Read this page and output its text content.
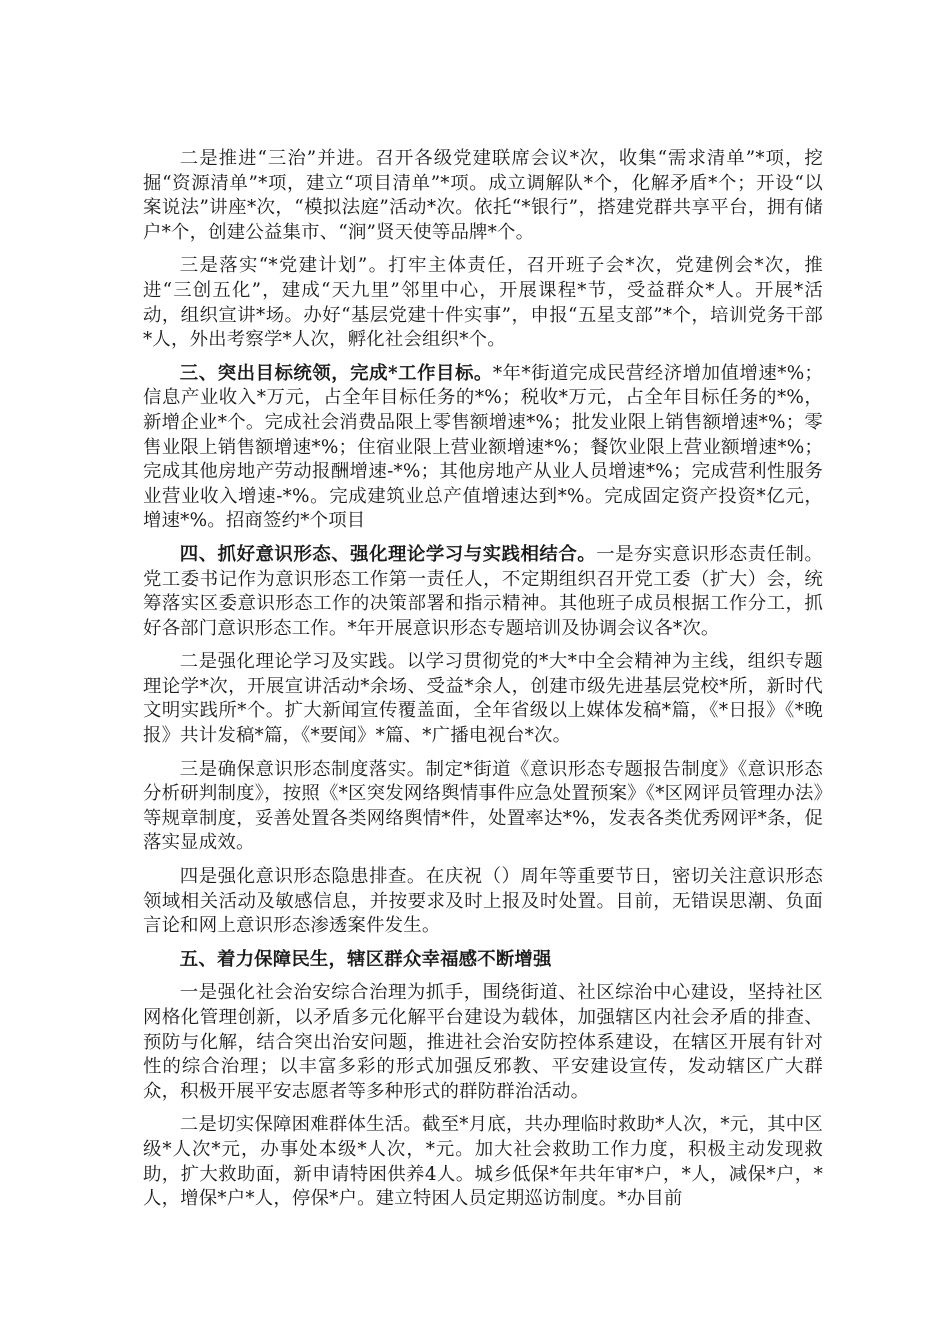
二是推进“三治”并进。召开各级党建联席会议*次，收集“需求清单”*项，挖掘“资源清单”*项，建立“项目清单”*项。成立调解队*个，化解矛盾*个；开设“以案说法”讲座*次，“模拟法庭”活动*次。依托“*银行”，搭建党群共享平台，拥有储户*个，创建公益集市、“涧”贤天使等品牌*个。

三是落实“*党建计划”。打牢主体责任，召开班子会*次，党建例会*次，推进“三创五化”，建成“天九里”邻里中心，开展课程*节，受益群众*人。开展*活动，组织宣讲*场。办好“基层党建十件实事”，申报“五星支部”*个，培训党务干部*人，外出考察学*人次，孵化社会组织*个。

三、突出目标统领，完成*工作目标。*年*街道完成民营经济增加值增速*%；信息产业收入*万元，占全年目标任务的*%；税收*万元，占全年目标任务的*%，新增企业*个。完成社会消费品限上零售额增速*%；批发业限上销售额增速*%；零售业限上销售额增速*%；住宿业限上营业额增速*%；餐饮业限上营业额增速*%；完成其他房地产劳动报酬增速-*%；其他房地产从业人员增速*%；完成营利性服务业营业收入增速-*%。完成建筑业总产值增速达到*%。完成固定资产投资*亿元，增速*%。招商签约*个项目

四、抓好意识形态、强化理论学习与实践相结合。一是夯实意识形态责任制。党工委书记作为意识形态工作第一责任人，不定期组织召开党工委（扩大）会，统筹落实区委意识形态工作的决策部署和指示精神。其他班子成员根据工作分工，抓好各部门意识形态工作。*年开展意识形态专题培训及协调会议各*次。

二是强化理论学习及实践。以学习贯彻党的*大*中全会精神为主线，组织专题理论学*次，开展宣讲活动*余场、受益*余人，创建市级先进基层党校*所，新时代文明实践所*个。扩大新闻宣传覆盖面，全年省级以上媒体发稿*篇，《*日报》《*晚报》共计发稿*篇，《*要闻》*篇、*广播电视台*次。

三是确保意识形态制度落实。制定*街道《意识形态专题报告制度》《意识形态分析研判制度》，按照《*区突发网络舆情事件应急处置预案》《*区网评员管理办法》等规章制度，妥善处置各类网络舆情*件，处置率达*%，发表各类优秀网评*条，促落实显成效。

四是强化意识形态隐患排查。在庆祝（）周年等重要节日，密切关注意识形态领域相关活动及敏感信息，并按要求及时上报及时处置。目前，无错误思潮、负面言论和网上意识形态渗透案件发生。

五、着力保障民生，辖区群众幸福感不断增强

一是强化社会治安综合治理为抓手，围绕街道、社区综治中心建设，坚持社区网格化管理创新，以矛盾多元化解平台建设为载体，加强辖区内社会矛盾的排查、预防与化解，结合突出治安问题，推进社会治安防控体系建设，在辖区开展有针对性的综合治理；以丰富多彩的形式加强反邪教、平安建设宣传，发动辖区广大群众，积极开展平安志愿者等多种形式的群防群治活动。

二是切实保障困难群体生活。截至*月底，共办理临时救助*人次，*元，其中区级*人次*元，办事处本级*人次，*元。加大社会救助工作力度，积极主动发现救助，扩大救助面，新申请特困供养4人。城乡低保*年共年审*户，*人，减保*户，*人，增保*户*人，停保*户。建立特困人员定期巡访制度。*办目前
